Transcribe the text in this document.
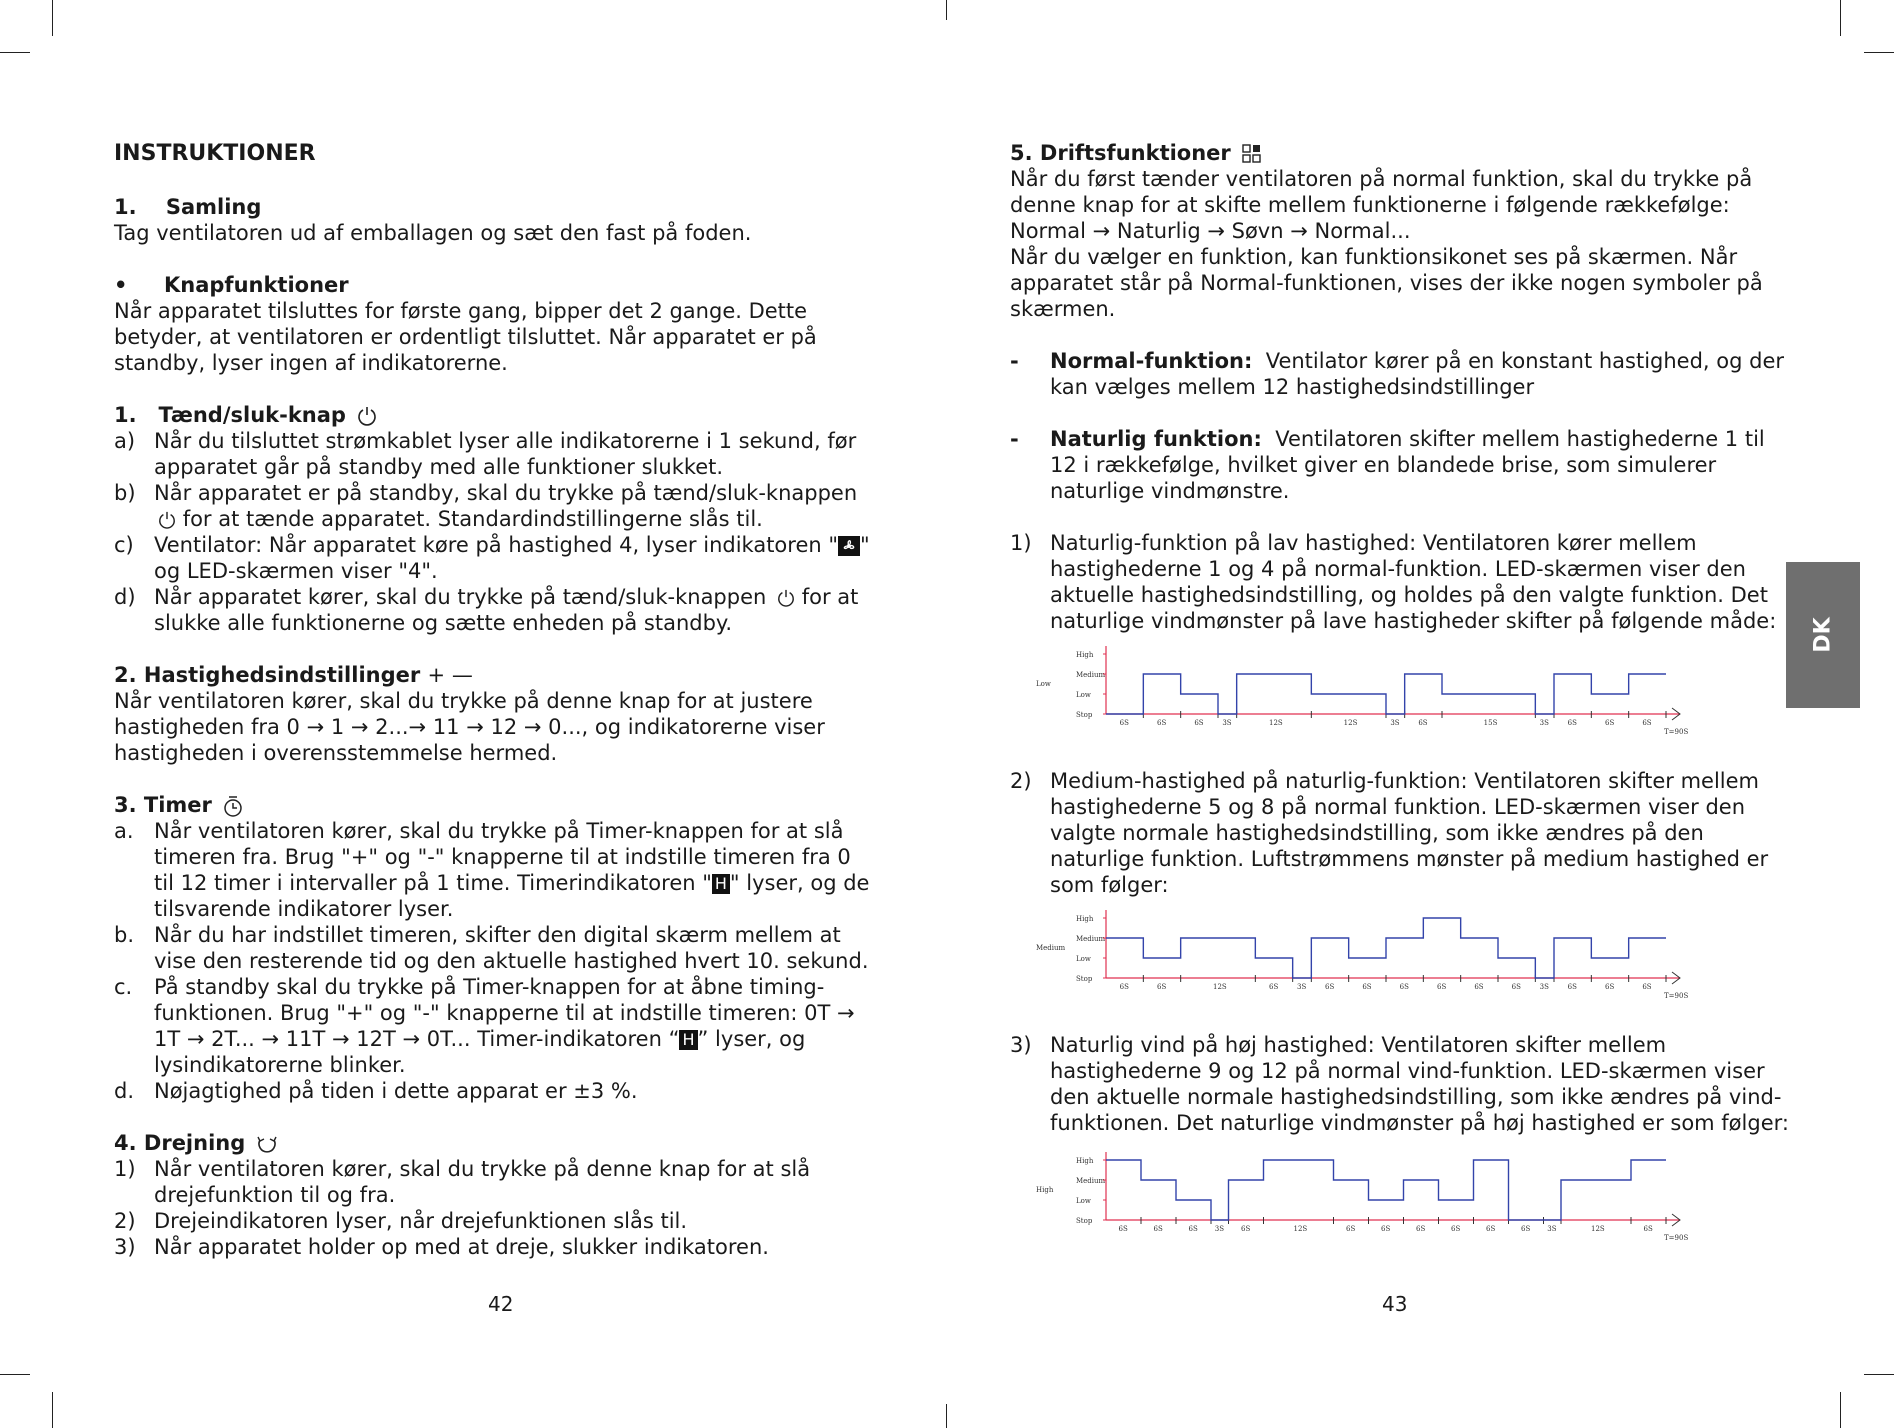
INSTRUKTIONER
1. Samling
Tag ventilatoren ud af emballagen og sæt den fast på foden.
• Knapfunktioner
Når apparatet tilsluttes for første gang, bipper det 2 gange. Dette betyder, at ventilatoren er ordentligt tilsluttet. Når apparatet er på standby, lyser ingen af indikatorerne.
1. Tænd/sluk-knap
a) Når du tilsluttet strømkablet lyser alle indikatorerne i 1 sekund, før apparatet går på standby med alle funktioner slukket.
b) Når apparatet er på standby, skal du trykke på tænd/sluk-knappen  for at tænde apparatet. Standardindstillingerne slås til.
c) Ventilator: Når apparatet køre på hastighed 4, lyser indikatoren " " og LED-skærmen viser "4".
d) Når apparatet kører, skal du trykke på tænd/sluk-knappen for at slukke alle funktionerne og sætte enheden på standby.
2. Hastighedsindstillinger + —
Når ventilatoren kører, skal du trykke på denne knap for at justere hastigheden fra 0 → 1 → 2...→ 11 → 12 → 0..., og indikatorerne viser hastigheden i overensstemmelse hermed.
3. Timer
a. Når ventilatoren kører, skal du trykke på Timer-knappen for at slå timeren fra. Brug "+" og "-" knapperne til at indstille timeren fra 0 til 12 timer i intervaller på 1 time. Timerindikatoren " H " lyser, og de tilsvarende indikatorer lyser.
b. Når du har indstillet timeren, skifter den digital skærm mellem at vise den resterende tid og den aktuelle hastighed hvert 10. sekund.
c. På standby skal du trykke på Timer-knappen for at åbne timing-funktionen. Brug "+" og "-" knapperne til at indstille timeren: 0T → 1T → 2T... → 11T → 12T → 0T... Timer-indikatoren “ H ” lyser, og lysindikatorerne blinker.
d. Nøjagtighed på tiden i dette apparat er ±3 %.
4. Drejning
1) Når ventilatoren kører, skal du trykke på denne knap for at slå drejefunktion til og fra.
2) Drejeindikatoren lyser, når drejefunktionen slås til.
3) Når apparatet holder op med at dreje, slukker indikatoren.
42
5. Driftsfunktioner
Når du først tænder ventilatoren på normal funktion, skal du trykke på denne knap for at skifte mellem funktionerne i følgende rækkefølge: Normal → Naturlig → Søvn → Normal...
Når du vælger en funktion, kan funktionsikonet ses på skærmen. Når apparatet står på Normal-funktionen, vises der ikke nogen symboler på skærmen.
- Normal-funktion: Ventilator kører på en konstant hastighed, og der kan vælges mellem 12 hastighedsindstillinger
- Naturlig funktion: Ventilatoren skifter mellem hastighederne 1 til 12 i rækkefølge, hvilket giver en blandede brise, som simulerer naturlige vindmønstre.
1) Naturlig-funktion på lav hastighed: Ventilatoren kører mellem hastighederne 1 og 4 på normal-funktion. LED-skærmen viser den aktuelle hastighedsindstilling, og holdes på den valgte funktion. Det naturlige vindmønster på lave hastigheder skifter på følgende måde:
High
Medium
Low
Stop
Low
6S	6S	6S	3S	12S	12S	3S	6S	15S	3S	6S	6S	6S
T=90S
2) Medium-hastighed på naturlig-funktion: Ventilatoren skifter mellem hastighederne 5 og 8 på normal funktion. LED-skærmen viser den valgte normale hastighedsindstilling, som ikke ændres på den naturlige funktion. Luftstrømmens mønster på medium hastighed er som følger:
High
Medium
Low
Stop
Medium
6S	6S	12S	6S	3S	6S	6S	6S	6S	6S	6S	3S	6S	6S	6S
T=90S
3) Naturlig vind på høj hastighed: Ventilatoren skifter mellem hastighederne 9 og 12 på normal vind-funktion. LED-skærmen viser den aktuelle normale hastighedsindstilling, som ikke ændres på vind-funktionen. Det naturlige vindmønster på høj hastighed er som følger:
High
Medium
Low
Stop
High
6S	6S	6S 3S 6S	12S	6S	6S	6S	6S	6S	6S 3S	12S	6S
T=90S
43
DK
